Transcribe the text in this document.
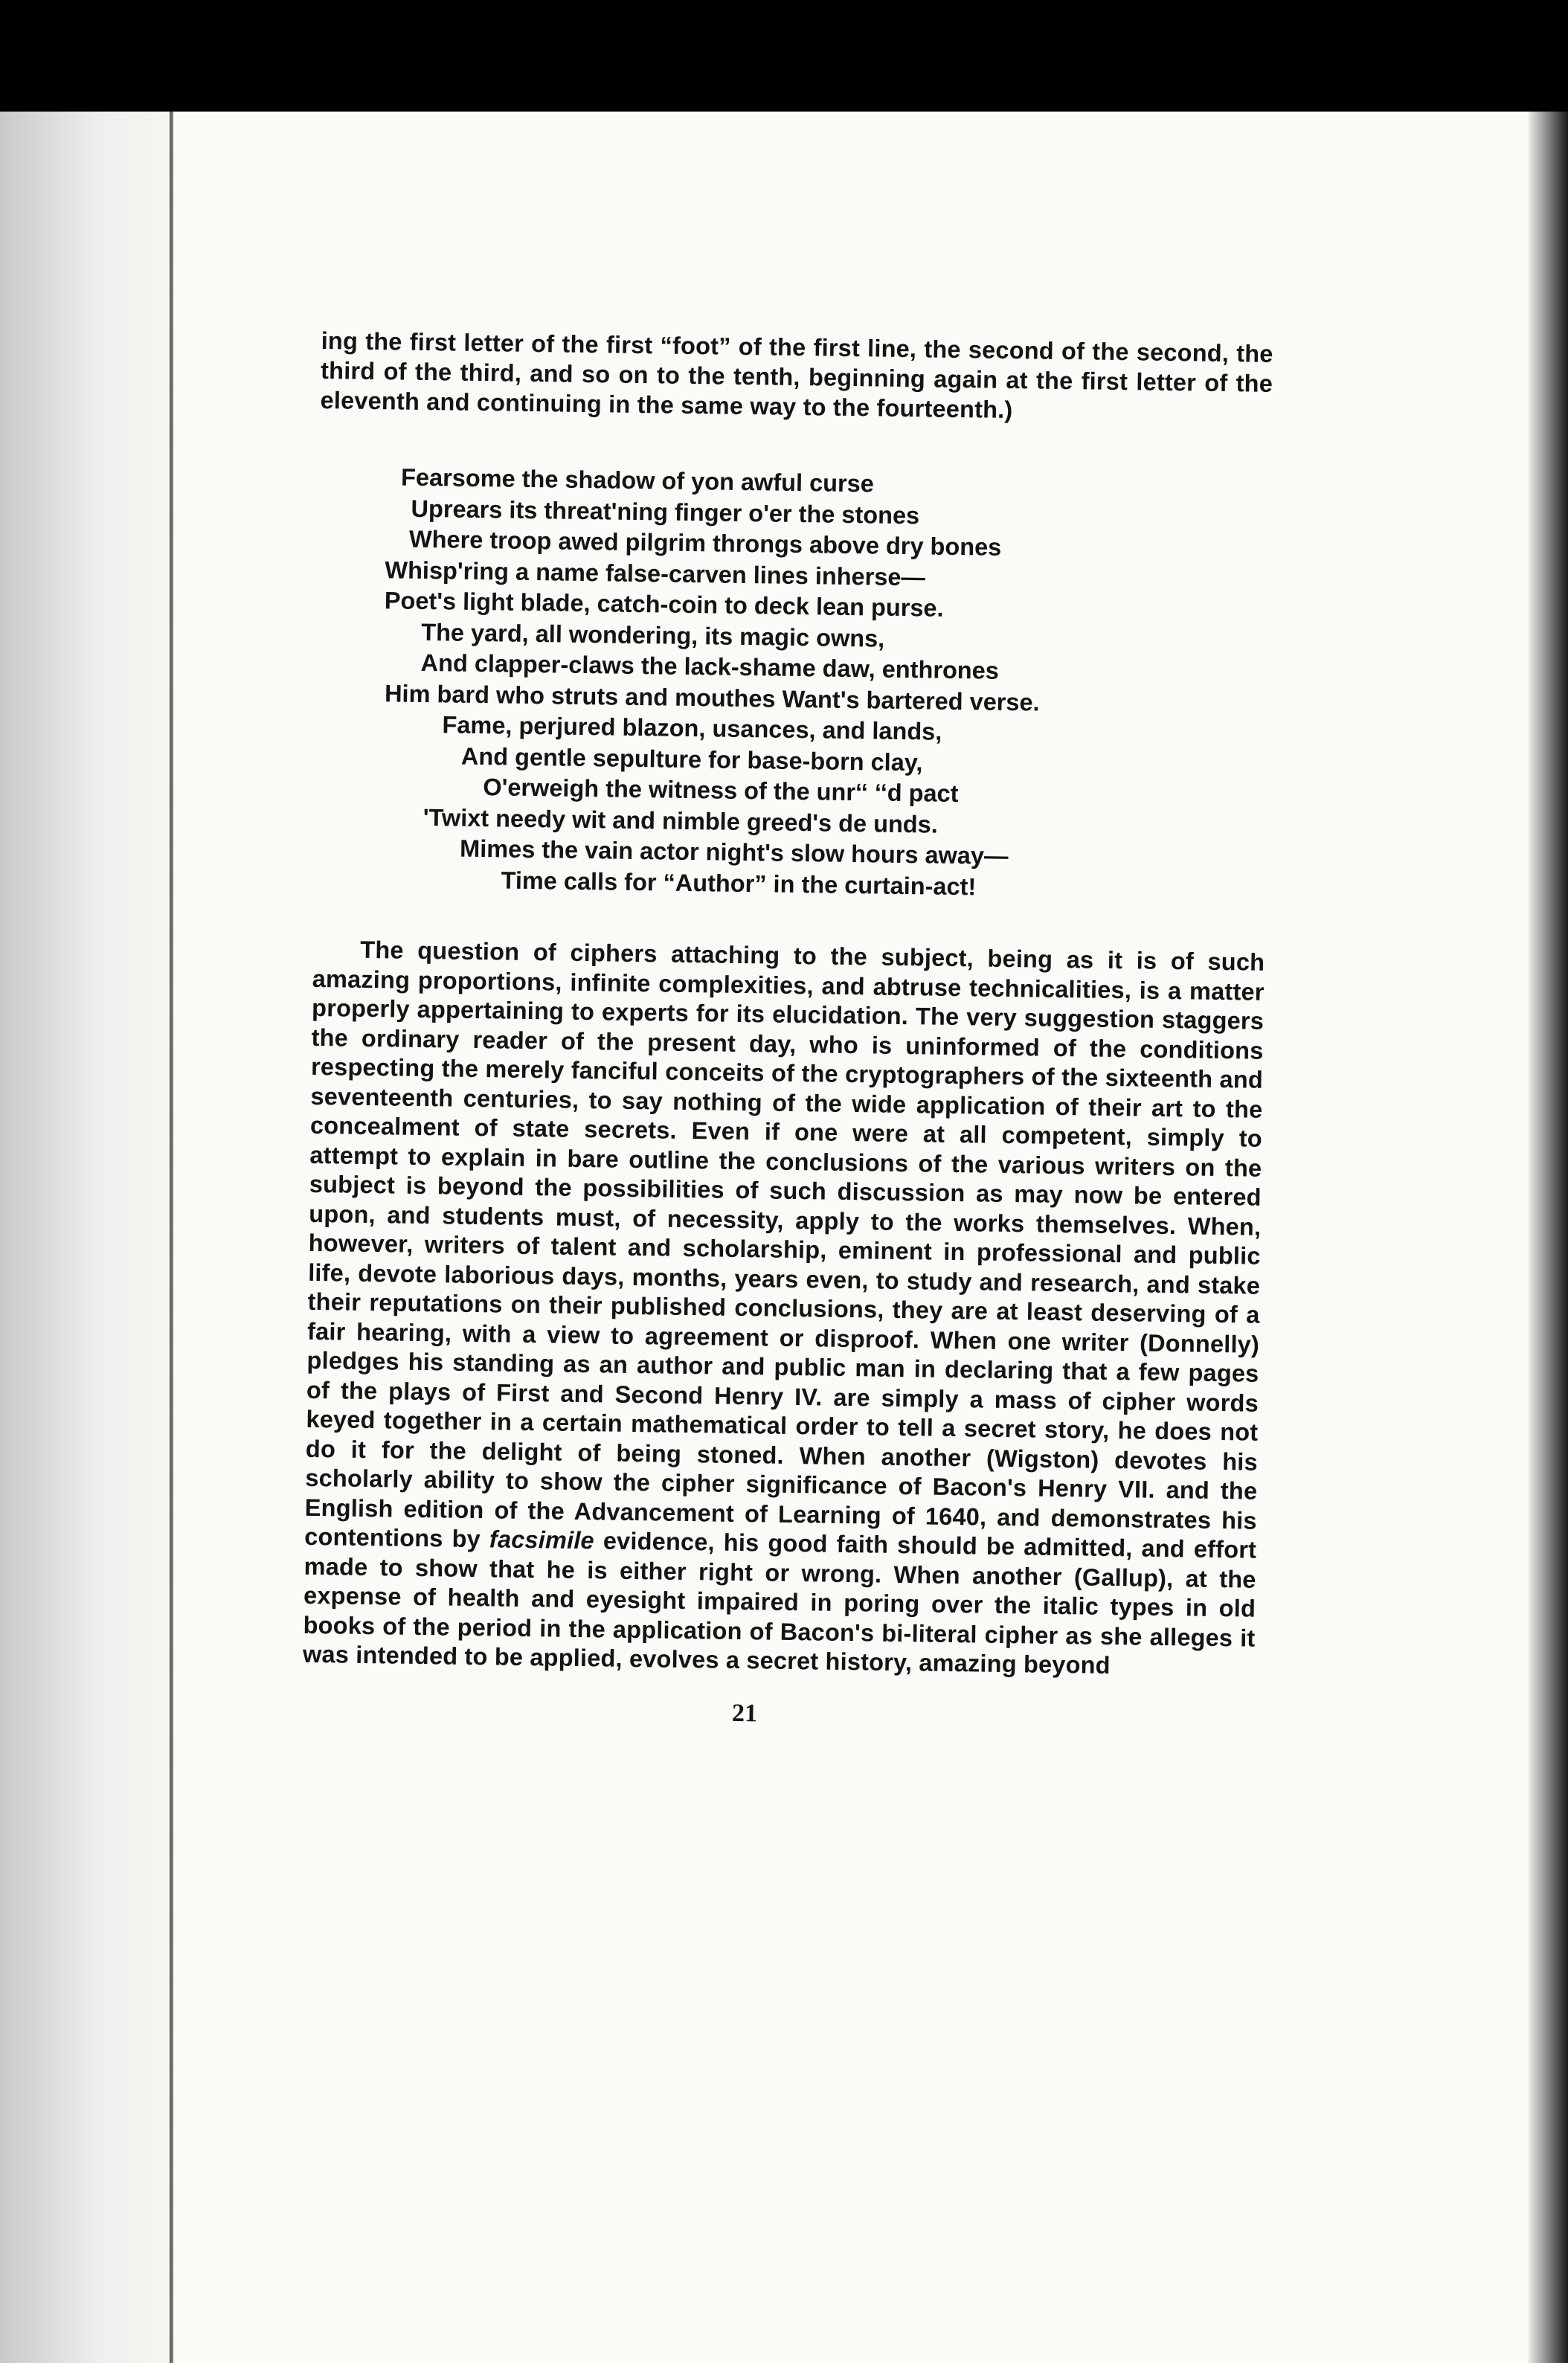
ing the first letter of the first “foot” of the first line, the second of the second, the third of the third, and so on to the tenth, beginning again at the first letter of the eleventh and continuing in the same way to the fourteenth.)

Fearsome the shadow of yon awful curse
Uprears its threat'ning finger o'er the stones
Where troop awed pilgrim throngs above dry bones
Whisp'ring a name false-carven lines inherse—
Poet's light blade, catch-coin to deck lean purse.
The yard, all wondering, its magic owns,
And clapper-claws the lack-shame daw, enthrones
Him bard who struts and mouthes Want's bartered verse.
Fame, perjured blazon, usances, and lands,
And gentle sepulture for base-born clay,
O'erweigh the witness of the unr‘‘ ‘‘d pact
'Twixt needy wit and nimble greed's de unds.
Mimes the vain actor night's slow hours away—
Time calls for “Author” in the curtain-act!

The question of ciphers attaching to the subject, being as it is of such amazing proportions, infinite complexities, and abtruse technicalities, is a matter properly appertaining to experts for its elucidation. The very suggestion staggers the ordinary reader of the present day, who is uninformed of the conditions respecting the merely fanciful conceits of the cryptographers of the sixteenth and seventeenth centuries, to say nothing of the wide application of their art to the concealment of state secrets. Even if one were at all competent, simply to attempt to explain in bare outline the conclusions of the various writers on the subject is beyond the possibilities of such discussion as may now be entered upon, and students must, of necessity, apply to the works themselves. When, however, writers of talent and scholarship, eminent in professional and public life, devote laborious days, months, years even, to study and research, and stake their reputations on their published conclusions, they are at least deserving of a fair hearing, with a view to agreement or disproof. When one writer (Donnelly) pledges his standing as an author and public man in declaring that a few pages of the plays of First and Second Henry IV. are simply a mass of cipher words keyed together in a certain mathematical order to tell a secret story, he does not do it for the delight of being stoned. When another (Wigston) devotes his scholarly ability to show the cipher significance of Bacon's Henry VII. and the English edition of the Advancement of Learning of 1640, and demonstrates his contentions by facsimile evidence, his good faith should be admitted, and effort made to show that he is either right or wrong. When another (Gallup), at the expense of health and eyesight impaired in poring over the italic types in old books of the period in the application of Bacon's bi-literal cipher as she alleges it was intended to be applied, evolves a secret history, amazing beyond

21
